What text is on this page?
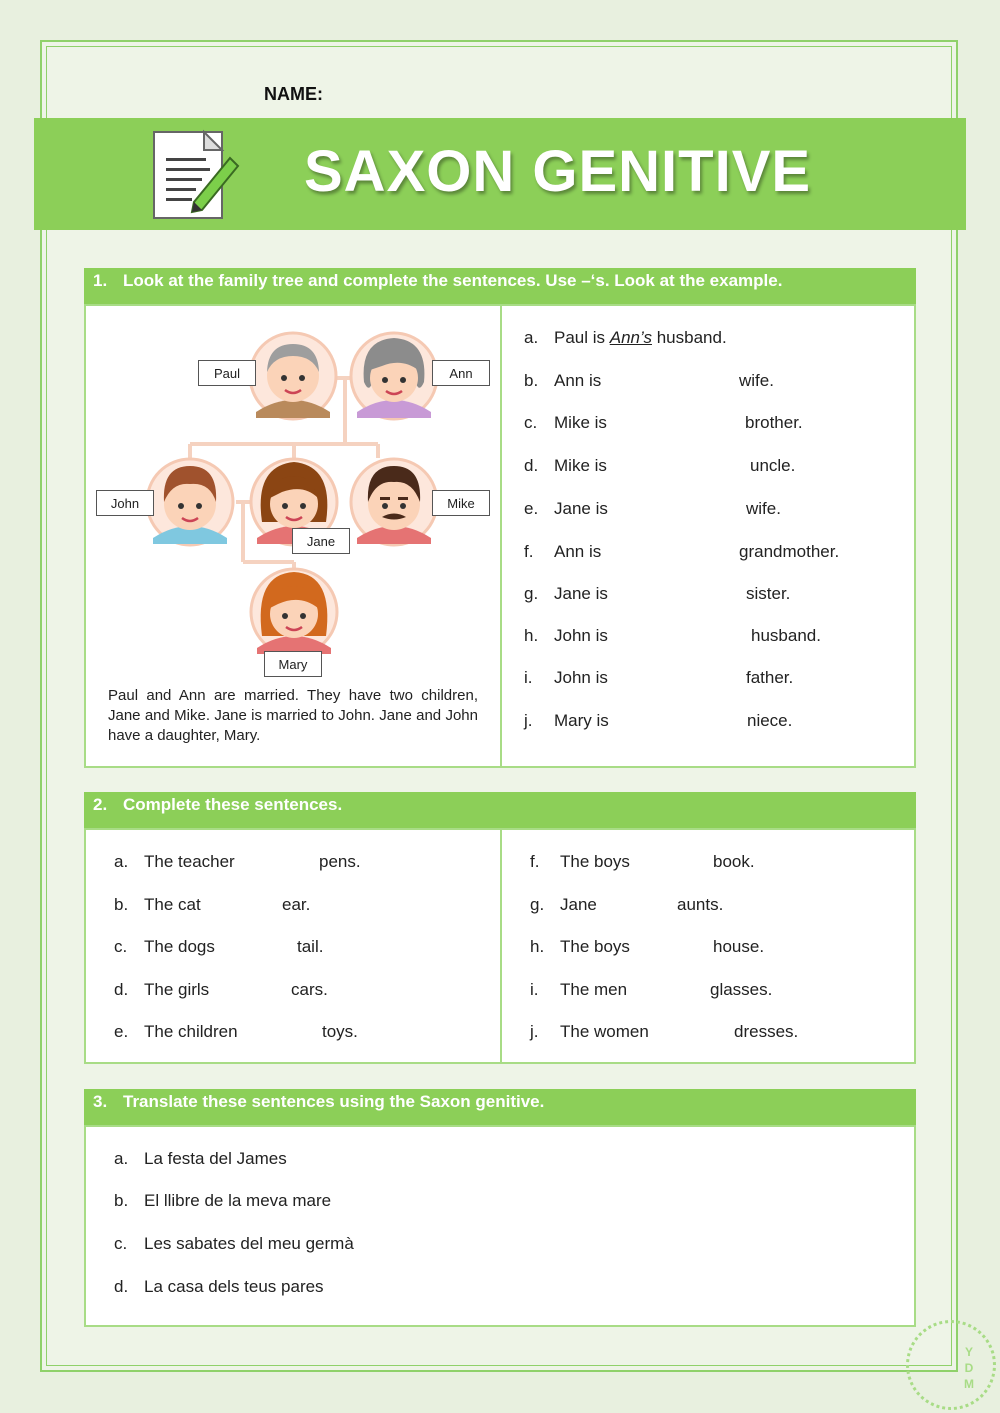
NAME:
SAXON GENITIVE
1. Look at the family tree and complete the sentences. Use –‘s. Look at the example.
Paul	Ann
John	Mike
Jane
Mary
Paul and Ann are married. They have two children, Jane and Mike. Jane is married to John. Jane and John have a daughter, Mary.
a. Paul is Ann’s husband.
b. Ann is	wife.
c. Mike is	brother.
d. Mike is	uncle.
e. Jane is	wife.
f. Ann is	grandmother.
g. Jane is	sister.
h. John is	husband.
i. John is	father.
j. Mary is	niece.
2. Complete these sentences.
a. The teacher	pens.
b. The cat	ear.
c. The dogs	tail.
d. The girls	cars.
e. The children	toys.
f. The boys	book.
g. Jane	aunts.
h. The boys	house.
i. The men	glasses.
j. The women	dresses.
3. Translate these sentences using the Saxon genitive.
a. La festa del James
b. El llibre de la meva mare
c. Les sabates del meu germà
d. La casa dels teus pares
Y
D
M
